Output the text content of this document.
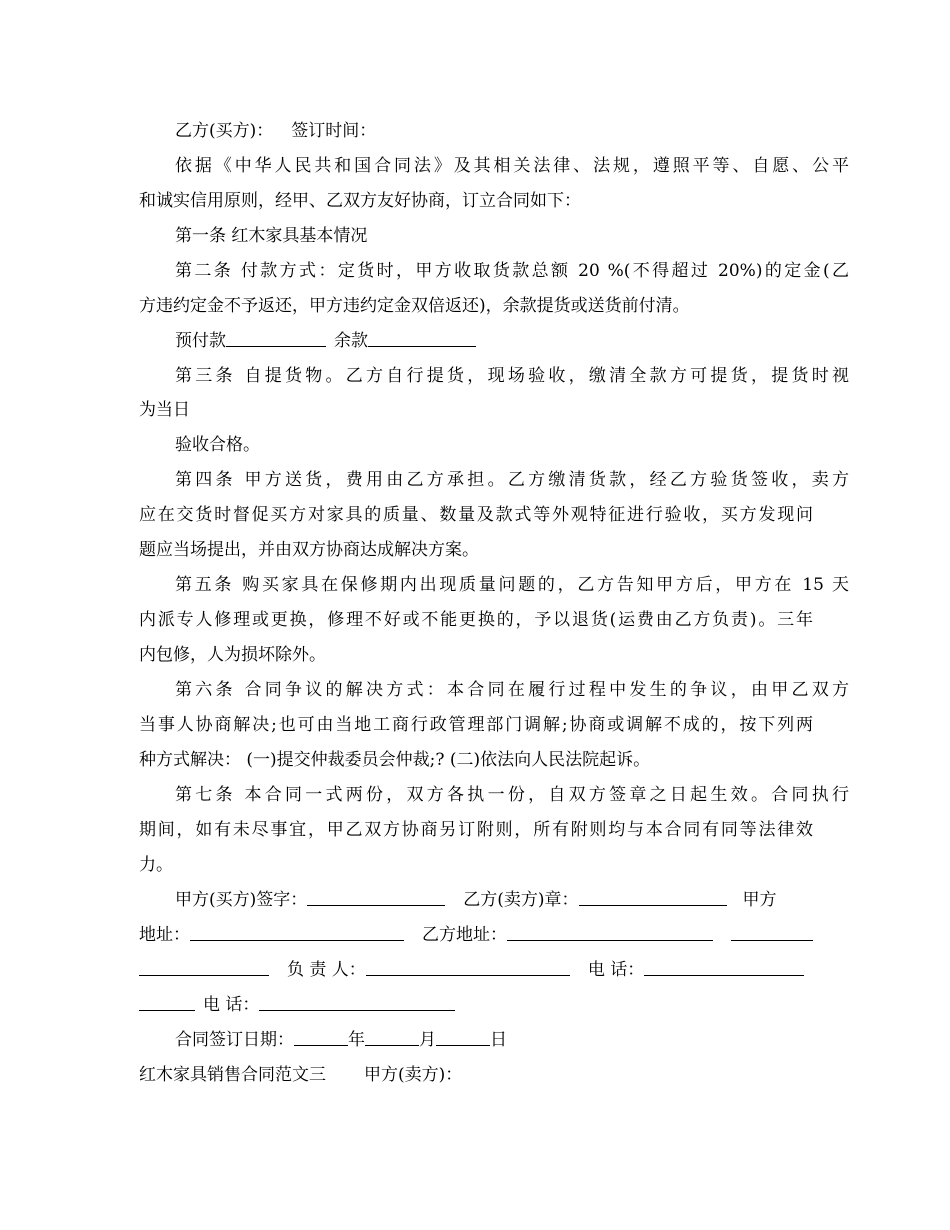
乙方(买方)： 签订时间：
依据《中华人民共和国合同法》及其相关法律、法规，遵照平等、自愿、公平
和诚实信用原则，经甲、乙双方友好协商，订立合同如下：
第一条 红木家具基本情况
第二条 付款方式：定货时，甲方收取货款总额 20 %(不得超过 20%)的定金(乙
方违约定金不予返还，甲方违约定金双倍返还)，余款提货或送货前付清。
预付款	余款
第三条 自提货物。乙方自行提货，现场验收，缴清全款方可提货，提货时视
为当日
验收合格。
第四条 甲方送货，费用由乙方承担。乙方缴清货款，经乙方验货签收，卖方
应在交货时督促买方对家具的质量、数量及款式等外观特征进行验收，买方发现问
题应当场提出，并由双方协商达成解决方案。
第五条 购买家具在保修期内出现质量问题的，乙方告知甲方后，甲方在 15 天
内派专人修理或更换，修理不好或不能更换的，予以退货(运费由乙方负责)。三年
内包修，人为损坏除外。
第六条 合同争议的解决方式：本合同在履行过程中发生的争议，由甲乙双方
当事人协商解决;也可由当地工商行政管理部门调解;协商或调解不成的，按下列两
种方式解决： (一)提交仲裁委员会仲裁;? (二)依法向人民法院起诉。
第七条 本合同一式两份，双方各执一份，自双方签章之日起生效。合同执行
期间，如有未尽事宜，甲乙双方协商另订附则，所有附则均与本合同有同等法律效
力。
甲方(买方)签字：	乙方(卖方)章：	甲方
地址：	乙方地址：
负 责 人：	电 话：
电 话：
合同签订日期：	年	月	日
红木家具销售合同范文三 甲方(卖方)：
